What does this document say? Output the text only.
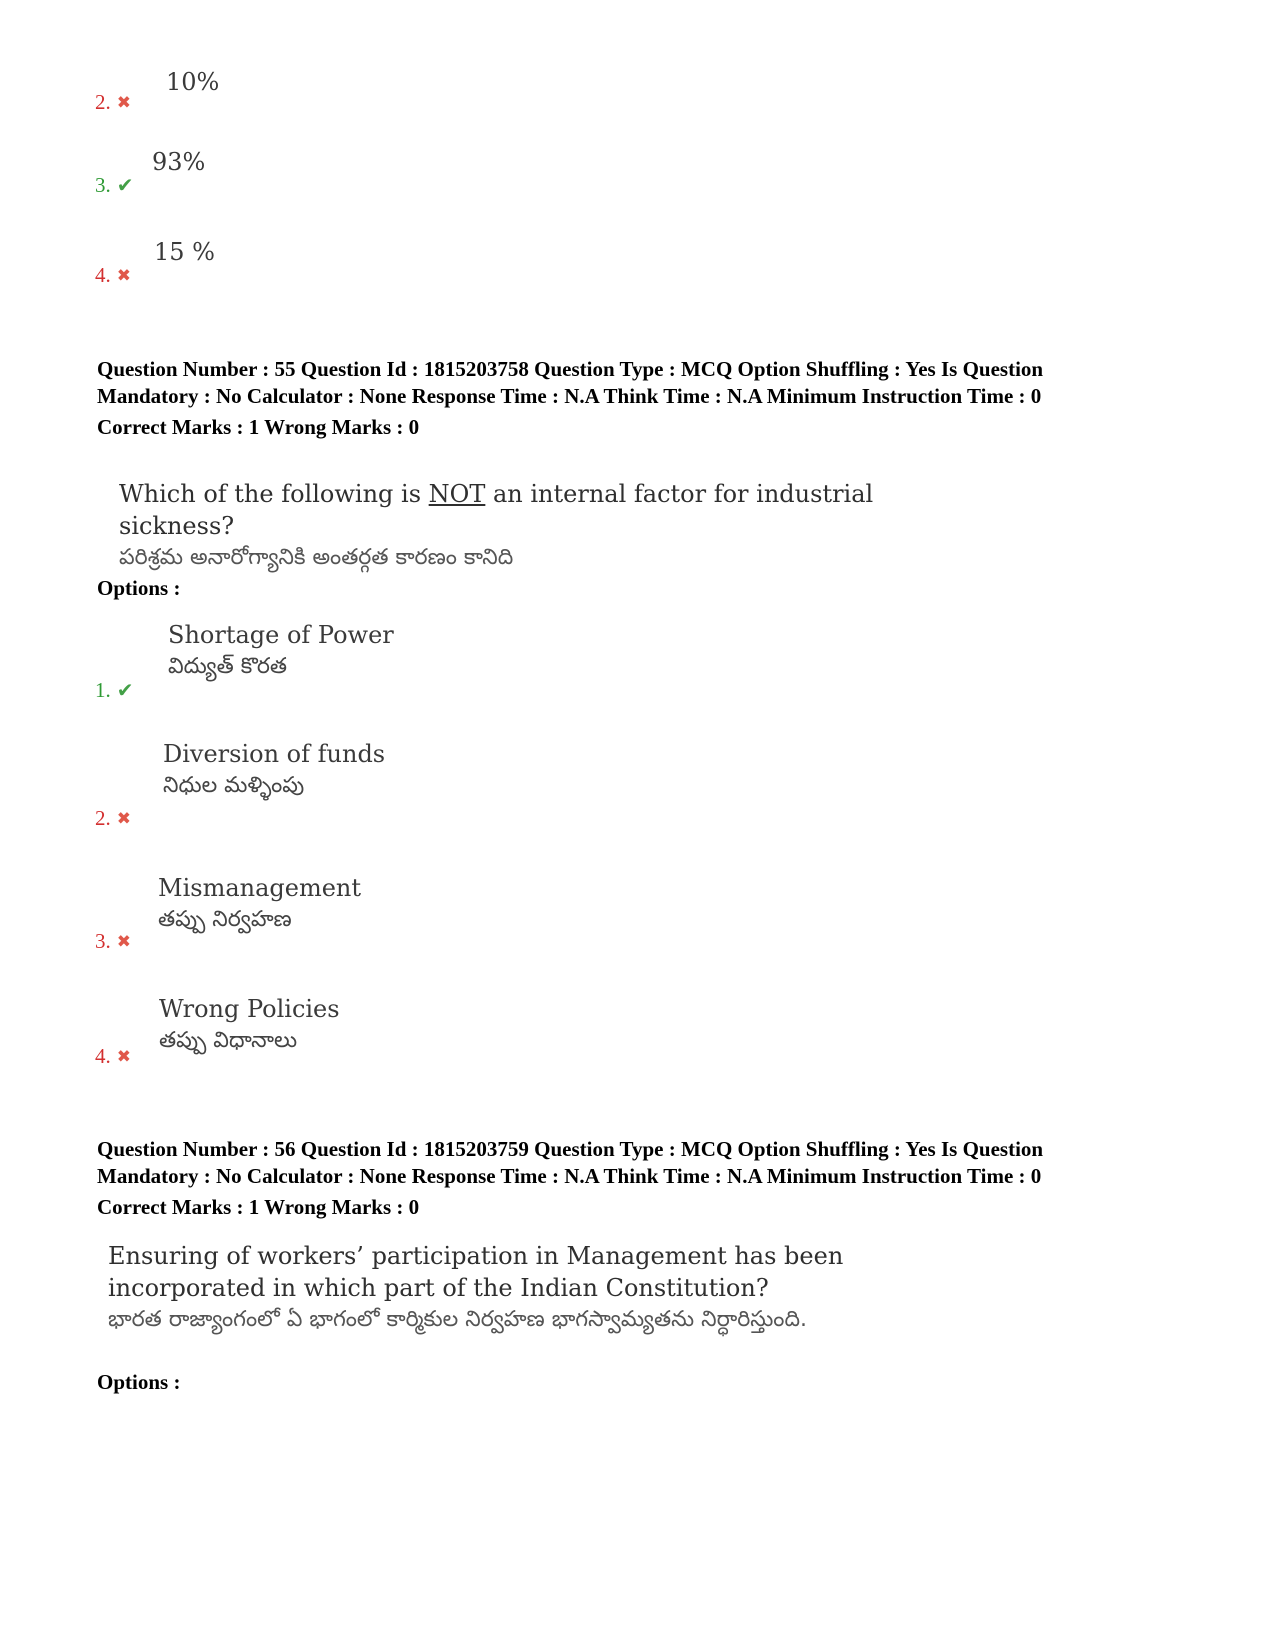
10%
2. ✖
93%
3. ✔
15 %
4. ✖
Question Number : 55 Question Id : 1815203758 Question Type : MCQ Option Shuffling : Yes Is Question
Mandatory : No Calculator : None Response Time : N.A Think Time : N.A Minimum Instruction Time : 0
Correct Marks : 1 Wrong Marks : 0
Which of the following is NOT an internal factor for industrial
sickness?
పరిశ్రమ అనారోగ్యానికి అంతర్గత కారణం కానిది
Options :
Shortage of Power
విద్యుత్ కొరత
1. ✔
Diversion of funds
నిధుల మళ్ళింపు
2. ✖
Mismanagement
తప్పు నిర్వహణ
3. ✖
Wrong Policies
తప్పు విధానాలు
4. ✖
Question Number : 56 Question Id : 1815203759 Question Type : MCQ Option Shuffling : Yes Is Question
Mandatory : No Calculator : None Response Time : N.A Think Time : N.A Minimum Instruction Time : 0
Correct Marks : 1 Wrong Marks : 0
Ensuring of workers’ participation in Management has been
incorporated in which part of the Indian Constitution?
భారత రాజ్యాంగంలో ఏ భాగంలో కార్మికుల నిర్వహణ భాగస్వామ్యతను నిర్ధారిస్తుంది.
Options :
